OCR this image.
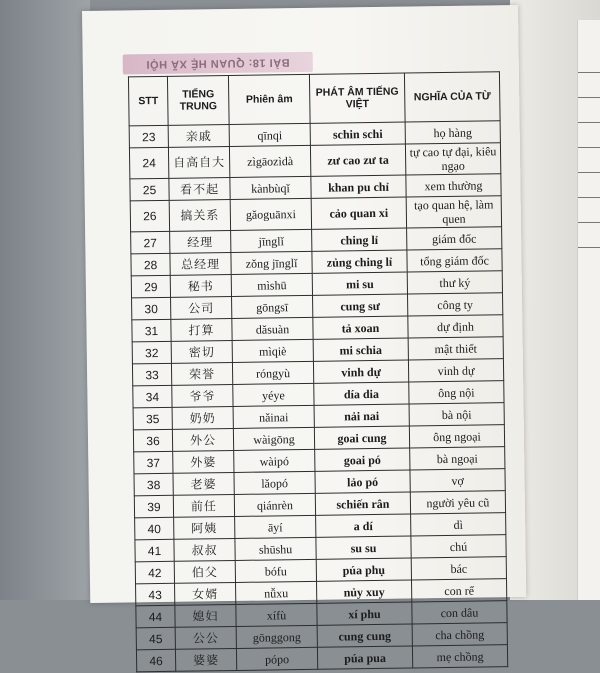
BÀI 18: QUAN HỆ XÃ HỘI
STT	TIẾNG TRUNG	Phiên âm	PHÁT ÂM TIẾNG VIỆT	NGHĨA CỦA TỪ
23	亲戚	qīnqi	schin schi	họ hàng
24	自高自大	zìgāozìdà	zư cao zư ta	tự cao tự đại, kiêu ngạo
25	看不起	kànbùqǐ	khan pu chỉ	xem thường
26	搞关系	gǎoguānxi	cảo quan xi	tạo quan hệ, làm quen
27	经理	jīnglǐ	ching lỉ	giám đốc
28	总经理	zǒng jīnglǐ	zủng ching lỉ	tổng giám đốc
29	秘书	mìshū	mi su	thư ký
30	公司	gōngsī	cung sư	công ty
31	打算	dǎsuàn	tả xoan	dự định
32	密切	mìqiè	mi schia	mật thiết
33	荣誉	róngyù	vinh dự	vinh dự
34	爷爷	yéye	día dia	ông nội
35	奶奶	nǎinai	nải nai	bà nội
36	外公	wàigōng	goai cung	ông ngoại
37	外婆	wàipó	goai pó	bà ngoại
38	老婆	lǎopó	lảo pó	vợ
39	前任	qiánrèn	schiến rân	người yêu cũ
40	阿姨	āyí	a dí	dì
41	叔叔	shūshu	su su	chú
42	伯父	bófu	púa phụ	bác
43	女婿	nǚxu	nủy xuy	con rể
44	媳妇	xífù	xí phu	con dâu
45	公公	gōnggong	cung cung	cha chồng
46	婆婆	pópo	púa pua	mẹ chồng
